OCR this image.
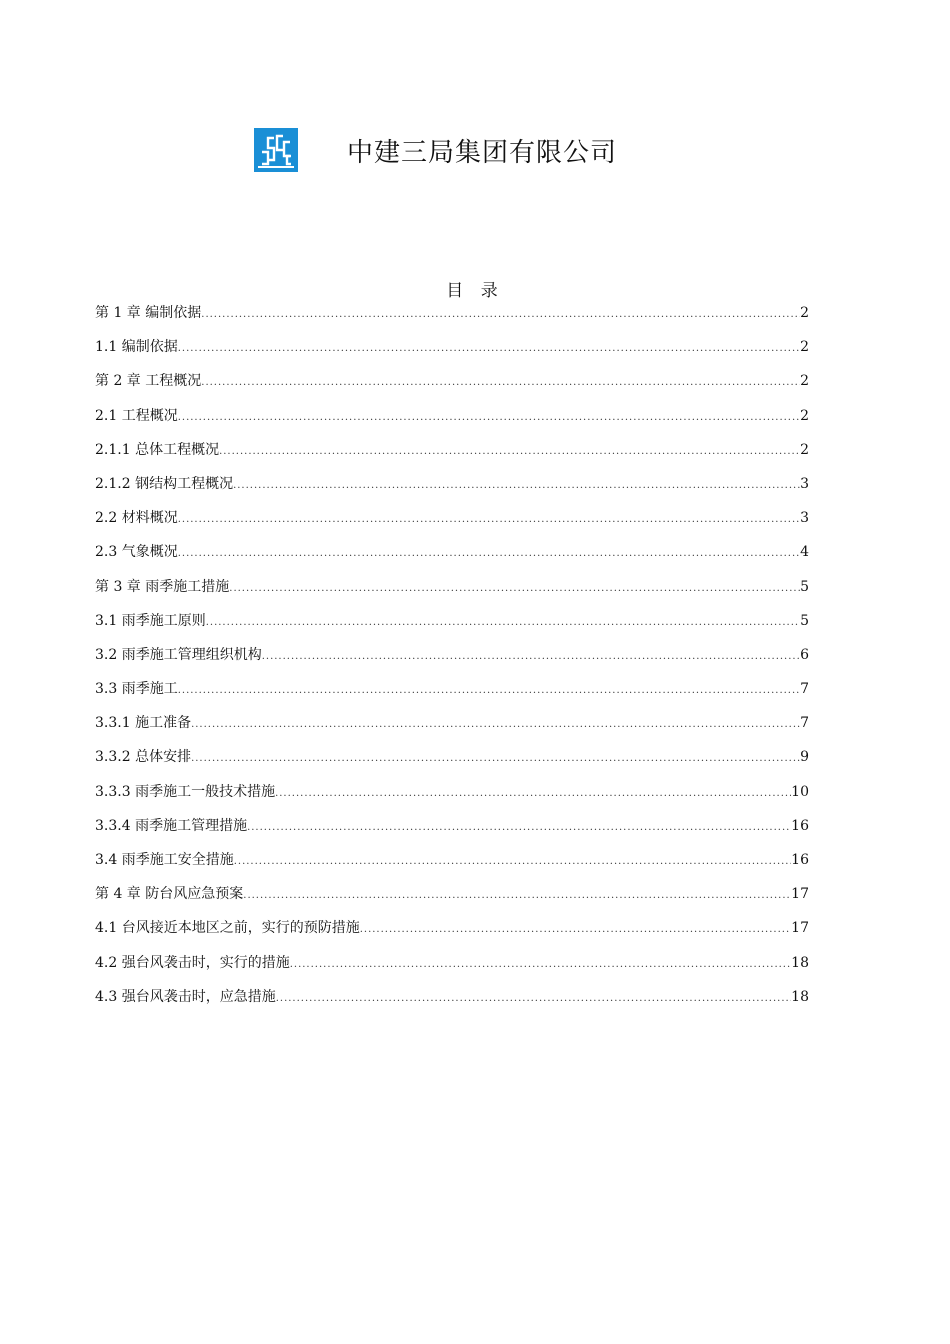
中建三局集团有限公司
目 录
第 1 章 编制依据 .....	2
1.1 编制依据 .....	2
第 2 章 工程概况 .....	2
2.1 工程概况 .....	2
2.1.1 总体工程概况 .....	2
2.1.2 钢结构工程概况 .....	3
2.2 材料概况 .....	3
2.3 气象概况 .....	4
第 3 章 雨季施工措施 .....	5
3.1 雨季施工原则 .....	5
3.2 雨季施工管理组织机构 .....	6
3.3 雨季施工 .....	7
3.3.1 施工准备 .....	7
3.3.2 总体安排 .....	9
3.3.3 雨季施工一般技术措施 .....	10
3.3.4 雨季施工管理措施 .....	16
3.4 雨季施工安全措施 .....	16
第 4 章 防台风应急预案 .....	17
4.1 台风接近本地区之前，实行的预防措施 .....	17
4.2 强台风袭击时，实行的措施 .....	18
4.3 强台风袭击时，应急措施 .....	18
